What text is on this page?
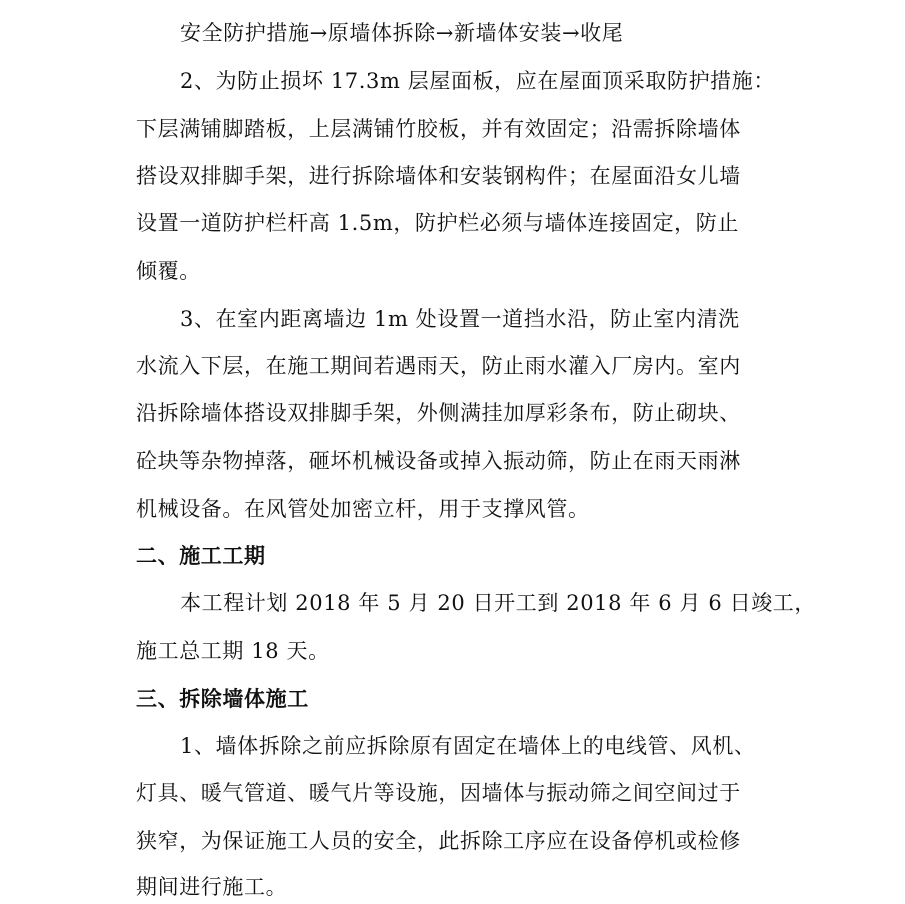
安全防护措施→原墙体拆除→新墙体安装→收尾
2、为防止损坏 17.3m 层屋面板，应在屋面顶采取防护措施：
下层满铺脚踏板，上层满铺竹胶板，并有效固定；沿需拆除墙体
搭设双排脚手架，进行拆除墙体和安装钢构件；在屋面沿女儿墙
设置一道防护栏杆高 1.5m，防护栏必须与墙体连接固定，防止
倾覆。
3、在室内距离墙边 1m 处设置一道挡水沿，防止室内清洗
水流入下层，在施工期间若遇雨天，防止雨水灌入厂房内。室内
沿拆除墙体搭设双排脚手架，外侧满挂加厚彩条布，防止砌块、
砼块等杂物掉落，砸坏机械设备或掉入振动筛，防止在雨天雨淋
机械设备。在风管处加密立杆，用于支撑风管。
二、施工工期
本工程计划 2018 年 5 月 20 日开工到 2018 年 6 月 6 日竣工，
施工总工期 18 天。
三、拆除墙体施工
1、墙体拆除之前应拆除原有固定在墙体上的电线管、风机、
灯具、暖气管道、暖气片等设施，因墙体与振动筛之间空间过于
狭窄，为保证施工人员的安全，此拆除工序应在设备停机或检修
期间进行施工。
